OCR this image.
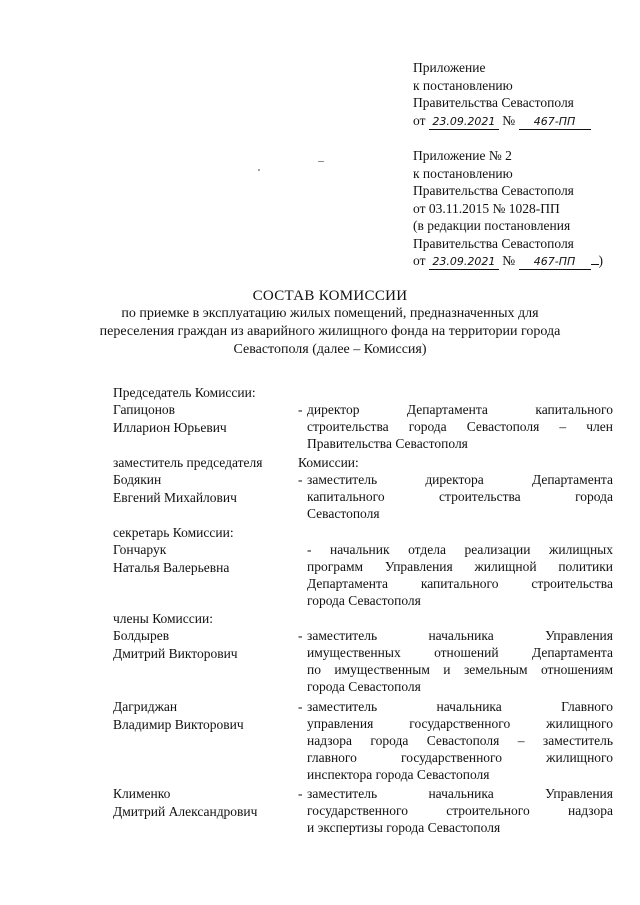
Приложение
к постановлению
Правительства Севастополя
от 23.09.2021 № 467-ПП
Приложение № 2
к постановлению
Правительства Севастополя
от 03.11.2015 № 1028-ПП
(в редакции постановления
Правительства Севастополя
от 23.09.2021 № 467-ПП )
СОСТАВ КОМИССИИ
по приемке в эксплуатацию жилых помещений, предназначенных для
переселения граждан из аварийного жилищного фонда на территории города
Севастополя (далее – Комиссия)
Председатель Комиссии:
Гапицонов
Илларион Юрьевич
- директор Департамента капитального
строительства города Севастополя – член
Правительства Севастополя
заместитель председателя	Комиссии:
Бодякин
Евгений Михайлович
- заместитель директора Департамента
капитального строительства города
Севастополя
секретарь Комиссии:
Гончарук
Наталья Валерьевна
- начальник отдела реализации жилищных
программ Управления жилищной политики
Департамента капитального строительства
города Севастополя
члены Комиссии:
Болдырев
Дмитрий Викторович
- заместитель начальника Управления
имущественных отношений Департамента
по имущественным и земельным отношениям
города Севастополя
Дагриджан
Владимир Викторович
- заместитель начальника Главного
управления государственного жилищного
надзора города Севастополя – заместитель
главного государственного жилищного
инспектора города Севастополя
Клименко
Дмитрий Александрович
- заместитель начальника Управления
государственного строительного надзора
и экспертизы города Севастополя
